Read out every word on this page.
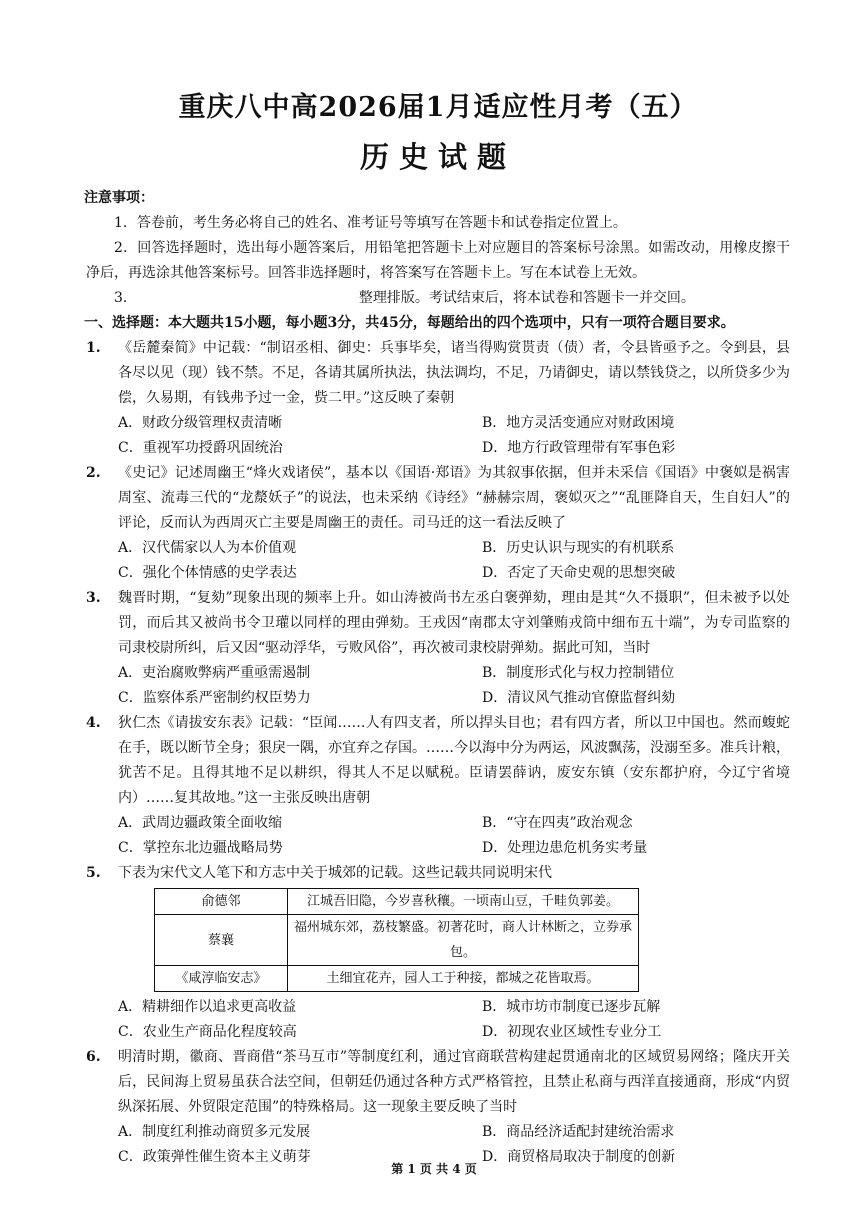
重庆八中高2026届1月适应性月考（五）
历史试题
注意事项：
1．答卷前，考生务必将自己的姓名、准考证号等填写在答题卡和试卷指定位置上。
2．回答选择题时，选出每小题答案后，用铅笔把答题卡上对应题目的答案标号涂黑。如需改动，用橡皮擦干净后，再选涂其他答案标号。回答非选择题时，将答案写在答题卡上。写在本试卷上无效。
3．	整理排版。考试结束后，将本试卷和答题卡一并交回。
一、选择题：本大题共15小题，每小题3分，共45分，每题给出的四个选项中，只有一项符合题目要求。
1. 《岳麓秦简》中记载：“制诏丞相、御史：兵事毕矣，诸当得购赏贳责（债）者，令县皆亟予之。令到县，县各尽以见（现）钱不禁。不足，各请其属所执法，执法调均，不足，乃请御史，请以禁钱贷之，以所贷多少为偿，久易期，有钱弗予过一金，赀二甲。”这反映了秦朝
A．财政分级管理权责清晰	B．地方灵活变通应对财政困境
C．重视军功授爵巩固统治	D．地方行政管理带有军事色彩
2. 《史记》记述周幽王“烽火戏诸侯”，基本以《国语·郑语》为其叙事依据，但并未采信《国语》中褒姒是祸害周室、流毒三代的“龙漦妖子”的说法，也未采纳《诗经》“赫赫宗周，褒姒灭之”“乱匪降自天，生自妇人”的评论，反而认为西周灭亡主要是周幽王的责任。司马迁的这一看法反映了
A．汉代儒家以人为本价值观	B．历史认识与现实的有机联系
C．强化个体情感的史学表达	D．否定了天命史观的思想突破
3. 魏晋时期，“复劾”现象出现的频率上升。如山涛被尚书左丞白褒弹劾，理由是其“久不摄职”，但未被予以处罚，而后其又被尚书令卫瓘以同样的理由弹劾。王戎因“南郡太守刘肇贿戎筒中细布五十端”，为专司监察的司隶校尉所纠，后又因“驱动浮华，亏败风俗”，再次被司隶校尉弹劾。据此可知，当时
A．吏治腐败弊病严重亟需遏制	B．制度形式化与权力控制错位
C．监察体系严密制约权臣势力	D．清议风气推动官僚监督纠劾
4. 狄仁杰《请拔安东表》记载：“臣闻……人有四支者，所以捍头目也；君有四方者，所以卫中国也。然而蝮蛇在手，既以断节全身；狠戾一隅，亦宜弃之存国。……今以海中分为两运，风波飘荡，没溺至多。准兵计粮，犹苦不足。且得其地不足以耕织，得其人不足以赋税。臣请罢薛讷，废安东镇（安东都护府，今辽宁省境内）……复其故地。”这一主张反映出唐朝
A．武周边疆政策全面收缩	B．“守在四夷”政治观念
C．掌控东北边疆战略局势	D．处理边患危机务实考量
5. 下表为宋代文人笔下和方志中关于城郊的记载。这些记载共同说明宋代
俞德邻	江城吾旧隐，今岁喜秋穰。一顷南山豆，千畦负郭姜。
蔡襄	福州城东郊，荔枝繁盛。初著花时，商人计林断之，立券承包。
《咸淳临安志》	土细宜花卉，园人工于种接，都城之花皆取焉。
A．精耕细作以追求更高收益	B．城市坊市制度已逐步瓦解
C．农业生产商品化程度较高	D．初现农业区域性专业分工
6. 明清时期，徽商、晋商借“茶马互市”等制度红利，通过官商联营构建起贯通南北的区域贸易网络；隆庆开关后，民间海上贸易虽获合法空间，但朝廷仍通过各种方式严格管控，且禁止私商与西洋直接通商，形成“内贸纵深拓展、外贸限定范围”的特殊格局。这一现象主要反映了当时
A．制度红利推动商贸多元发展	B．商品经济适配封建统治需求
C．政策弹性催生资本主义萌芽	D．商贸格局取决于制度的创新
第 1 页 共 4 页
